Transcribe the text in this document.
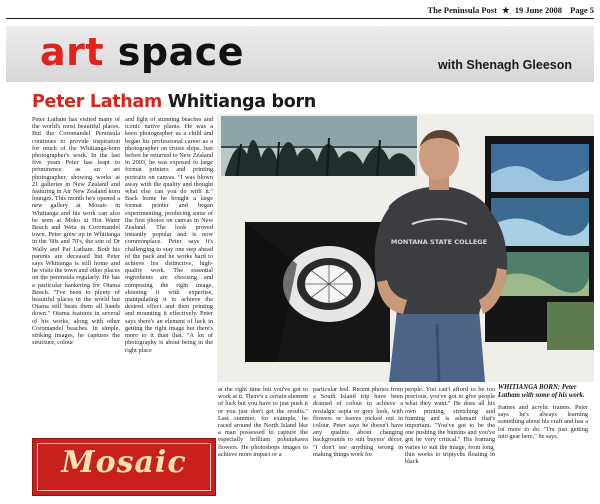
The Peninsula Post ★ 19 June 2008 Page 5
art space	with Shenagh Gleeson
Peter Latham Whitianga born

Peter Latham has visited many of the world's most beautiful places. But the Coromandel Peninsula continues to provide inspiration for much of the Whitianga-born photographer's work. In the last five years Peter has leapt to prominence as an art photographer, showing works at 21 galleries in New Zealand and featuring in Air New Zealand koru lounges. This month he's opened a new gallery at Mosaic in Whitianga and his work can also be seen at Moko at Hot Water Beach and Weta in Coromandel town. Peter grew up in Whitianga in the '60s and 70's, the son of Dr Wally and Pat Latham. Both his parents are deceased but Peter says Whitianga is still home and he visits the town and other places on the peninsula regularly. He has a particular hankering for Otama Beach. "I've been to plenty of beautiful places in the world but Otama still beats them all hands down." Otama features in several of his works, along with other Coromandel beaches. In simple, striking images, he captures the structure, colour

and light of stunning beaches and iconic native plants. He was a keen photographer as a child and began his professional career as a photographer on cruise ships. Just before he returned to New Zealand in 2003, he was exposed to large format printers and printing portraits on canvas. "I was blown away with the quality and thought what else can you do with it." Back home he bought a large format printer and began experimenting, producing some of the first photos on canvas in New Zealand. The look proved instantly popular and is now commonplace. Peter says it's challenging to stay one step ahead of the pack and he works hard to achieve his distinctive, high-quality work. The essential ingredients are choosing and composing the right image, shooting it with expertise, manipulating it to achieve the desired effect and then printing and mounting it effectively. Peter says there's an element of luck in getting the right image but there's more to it than that. "A lot of photography is about being in the right place

MONTANA STATE COLLEGE
WHITIANGA BORN: Peter Latham with some of his work.

at the right time but you've got to work at it. There's a certain element of luck but you have to just push it or you just don't get the results." Last summer, for example, he raced around the North Island like a man possessed to capture the especially brilliant pohutukawa flowers. He photoshops images to achieve more impact or a

particular feel. Recent photos from a South Island trip have been drained of colour to achieve a nostalgic sepia or grey look, with flowers or leaves picked out in colour. Peter says he doesn't have any qualms about changing backgrounds to suit buyers' décor. "I don't see anything wrong in making things work for

people. You can't afford to be too precious, you've got to give people what they want." He does all his own printing, stretching and framing and is adamant that's important. "You've got to be the one pushing the buttons and you've got be very critical." His framing varies to suit the image, from long, thin works to triptychs floating in black

frames and acrylic frames. Peter says he's always learning something about his craft and has a lot more to do. "I'm just getting into gear here," he says.

Mosaic
